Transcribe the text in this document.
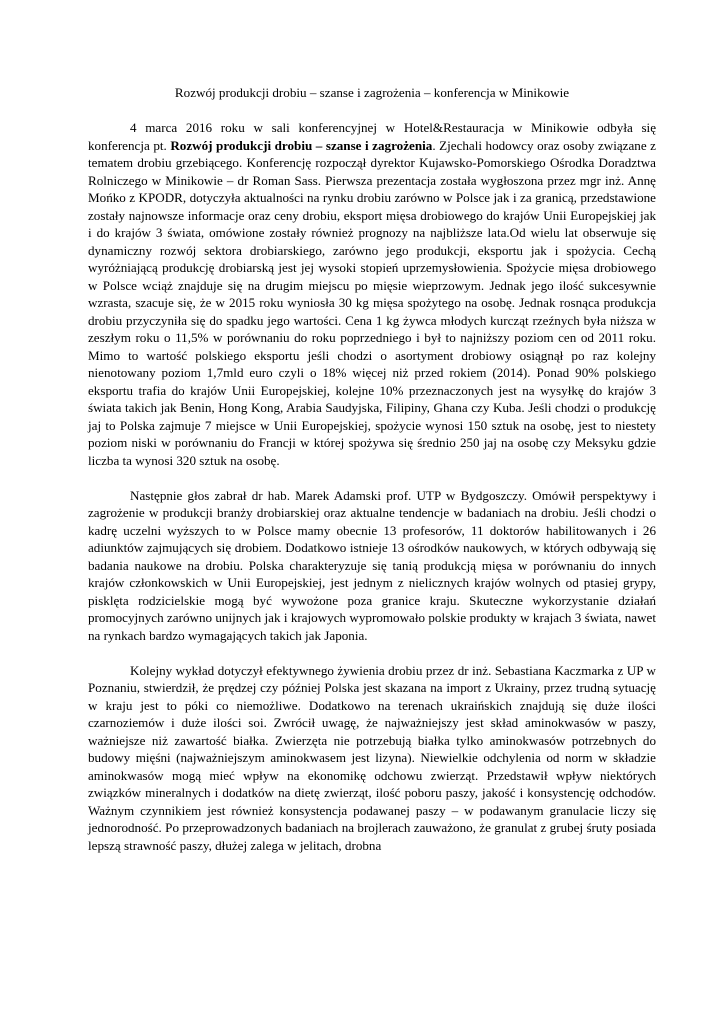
Rozwój produkcji drobiu – szanse i zagrożenia – konferencja w Minikowie

4 marca 2016 roku w sali konferencyjnej w Hotel&Restauracja w Minikowie odbyła się konferencja pt. Rozwój produkcji drobiu – szanse i zagrożenia. Zjechali hodowcy oraz osoby związane z tematem drobiu grzebiącego. Konferencję rozpoczął dyrektor Kujawsko-Pomorskiego Ośrodka Doradztwa Rolniczego w Minikowie – dr Roman Sass. Pierwsza prezentacja została wygłoszona przez mgr inż. Annę Mońko z KPODR, dotyczyła aktualności na rynku drobiu zarówno w Polsce jak i za granicą, przedstawione zostały najnowsze informacje oraz ceny drobiu, eksport mięsa drobiowego do krajów Unii Europejskiej jak i do krajów 3 świata, omówione zostały również prognozy na najbliższe lata.Od wielu lat obserwuje się dynamiczny rozwój sektora drobiarskiego, zarówno jego produkcji, eksportu jak i spożycia. Cechą wyróżniającą produkcję drobiarską jest jej wysoki stopień uprzemysłowienia. Spożycie mięsa drobiowego w Polsce wciąż znajduje się na drugim miejscu po mięsie wieprzowym. Jednak jego ilość sukcesywnie wzrasta, szacuje się, że w 2015 roku wyniosła 30 kg mięsa spożytego na osobę. Jednak rosnąca produkcja drobiu przyczyniła się do spadku jego wartości. Cena 1 kg żywca młodych kurcząt rzeźnych była niższa w zeszłym roku o 11,5% w porównaniu do roku poprzedniego i był to najniższy poziom cen od 2011 roku. Mimo to wartość polskiego eksportu jeśli chodzi o asortyment drobiowy osiągnął po raz kolejny nienotowany poziom 1,7mld euro czyli o 18% więcej niż przed rokiem (2014). Ponad 90% polskiego eksportu trafia do krajów Unii Europejskiej, kolejne 10% przeznaczonych jest na wysyłkę do krajów 3 świata takich jak Benin, Hong Kong, Arabia Saudyjska, Filipiny, Ghana czy Kuba. Jeśli chodzi o produkcję jaj to Polska zajmuje 7 miejsce w Unii Europejskiej, spożycie wynosi 150 sztuk na osobę, jest to niestety poziom niski w porównaniu do Francji w której spożywa się średnio 250 jaj na osobę czy Meksyku gdzie liczba ta wynosi 320 sztuk na osobę.

Następnie głos zabrał dr hab. Marek Adamski prof. UTP w Bydgoszczy. Omówił perspektywy i zagrożenie w produkcji branży drobiarskiej oraz aktualne tendencje w badaniach na drobiu. Jeśli chodzi o kadrę uczelni wyższych to w Polsce mamy obecnie 13 profesorów, 11 doktorów habilitowanych i 26 adiunktów zajmujących się drobiem. Dodatkowo istnieje 13 ośrodków naukowych, w których odbywają się badania naukowe na drobiu. Polska charakteryzuje się tanią produkcją mięsa w porównaniu do innych krajów członkowskich w Unii Europejskiej, jest jednym z nielicznych krajów wolnych od ptasiej grypy, pisklęta rodzicielskie mogą być wywożone poza granice kraju. Skuteczne wykorzystanie działań promocyjnych zarówno unijnych jak i krajowych wypromowało polskie produkty w krajach 3 świata, nawet na rynkach bardzo wymagających takich jak Japonia.

Kolejny wykład dotyczył efektywnego żywienia drobiu przez dr inż. Sebastiana Kaczmarka z UP w Poznaniu, stwierdził, że prędzej czy później Polska jest skazana na import z Ukrainy, przez trudną sytuację w kraju jest to póki co niemożliwe. Dodatkowo na terenach ukraińskich znajdują się duże ilości czarnoziemów i duże ilości soi. Zwrócił uwagę, że najważniejszy jest skład aminokwasów w paszy, ważniejsze niż zawartość białka. Zwierzęta nie potrzebują białka tylko aminokwasów potrzebnych do budowy mięśni (najważniejszym aminokwasem jest lizyna). Niewielkie odchylenia od norm w składzie aminokwasów mogą mieć wpływ na ekonomikę odchowu zwierząt. Przedstawił wpływ niektórych związków mineralnych i dodatków na dietę zwierząt, ilość poboru paszy, jakość i konsystencję odchodów. Ważnym czynnikiem jest również konsystencja podawanej paszy – w podawanym granulacie liczy się jednorodność. Po przeprowadzonych badaniach na brojlerach zauważono, że granulat z grubej śruty posiada lepszą strawność paszy, dłużej zalega w jelitach, drobna
